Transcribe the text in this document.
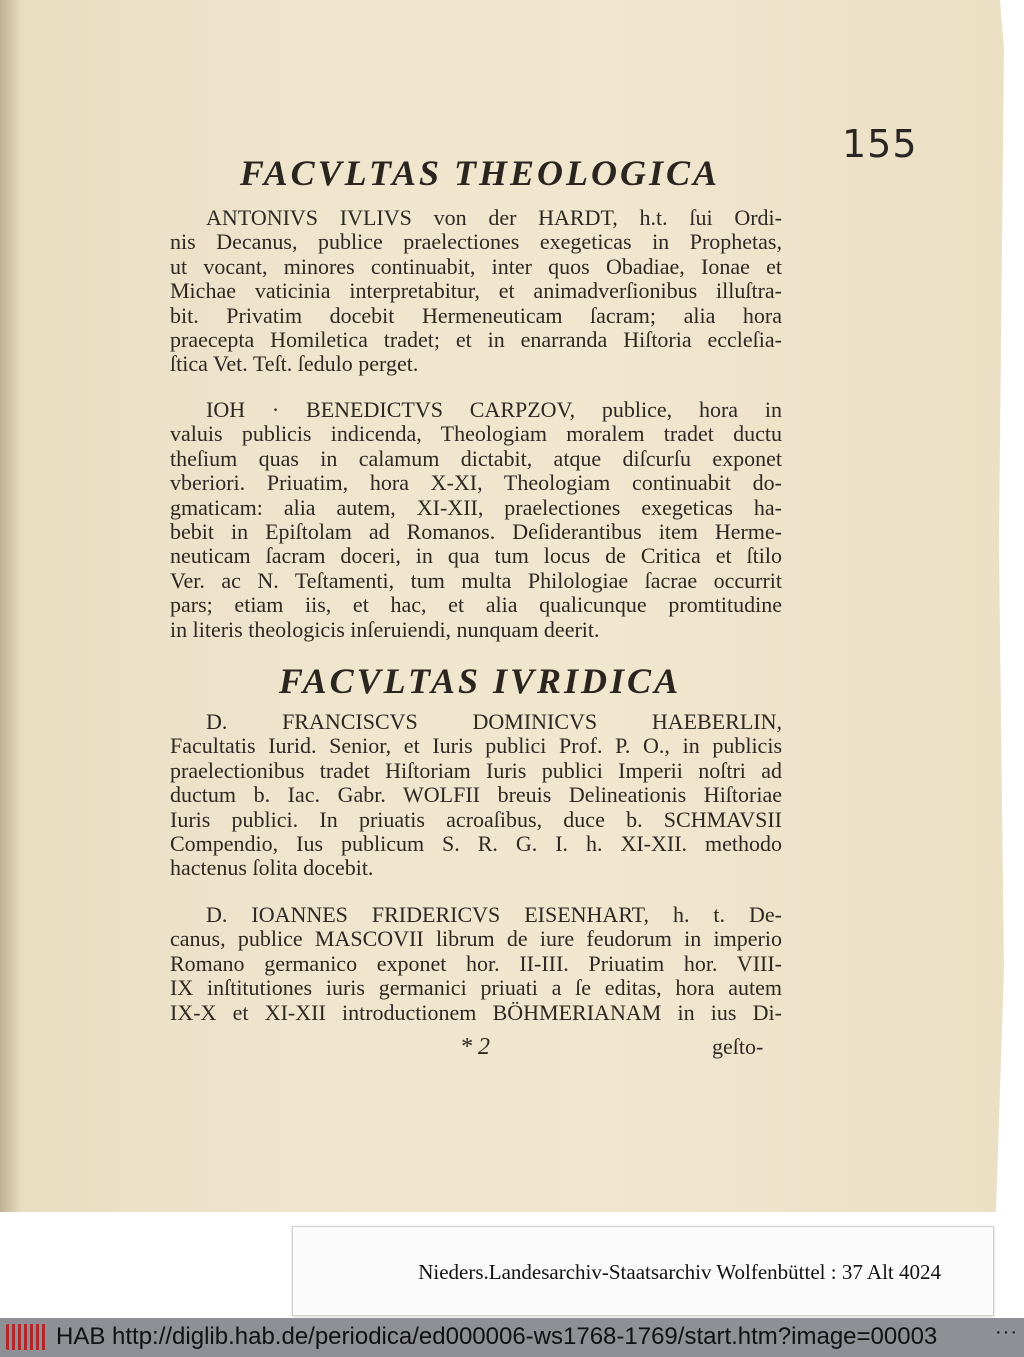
155
FACVLTAS THEOLOGICA
ANTONIVS IVLIVS von der HARDT, h.t. ſui Ordi-
nis Decanus, publice praelectiones exegeticas in Prophetas,
ut vocant, minores continuabit, inter quos Obadiae, Ionae et
Michae vaticinia interpretabitur, et animadverſionibus illuſtra-
bit. Privatim docebit Hermeneuticam ſacram; alia hora
praecepta Homiletica tradet; et in enarranda Hiſtoria eccleſia-
ſtica Vet. Teſt. ſedulo perget.
IOH · BENEDICTVS CARPZOV, publice, hora in
valuis publicis indicenda, Theologiam moralem tradet ductu
theſium quas in calamum dictabit, atque diſcurſu exponet
vberiori. Priuatim, hora X-XI, Theologiam continuabit do-
gmaticam: alia autem, XI-XII, praelectiones exegeticas ha-
bebit in Epiſtolam ad Romanos. Deſiderantibus item Herme-
neuticam ſacram doceri, in qua tum locus de Critica et ſtilo
Ver. ac N. Teſtamenti, tum multa Philologiae ſacrae occurrit
pars; etiam iis, et hac, et alia qualicunque promtitudine
in literis theologicis inſeruiendi, nunquam deerit.
FACVLTAS IVRIDICA
D. FRANCISCVS DOMINICVS HAEBERLIN,
Facultatis Iurid. Senior, et Iuris publici Prof. P. O., in publicis
praelectionibus tradet Hiſtoriam Iuris publici Imperii noſtri ad
ductum b. Iac. Gabr. WOLFII breuis Delineationis Hiſtoriae
Iuris publici. In priuatis acroaſibus, duce b. SCHMAVSII
Compendio, Ius publicum S. R. G. I. h. XI-XII. methodo
hactenus ſolita docebit.
D. IOANNES FRIDERICVS EISENHART, h. t. De-
canus, publice MASCOVII librum de iure feudorum in imperio
Romano germanico exponet hor. II-III. Priuatim hor. VIII-
IX inſtitutiones iuris germanici priuati a ſe editas, hora autem
IX-X et XI-XII introductionem BÖHMERIANAM in ius Di-
* 2	geſto-
Nieders.Landesarchiv-Staatsarchiv Wolfenbüttel : 37 Alt 4024
HAB http://diglib.hab.de/periodica/ed000006-ws1768-1769/start.htm?image=00003	···
